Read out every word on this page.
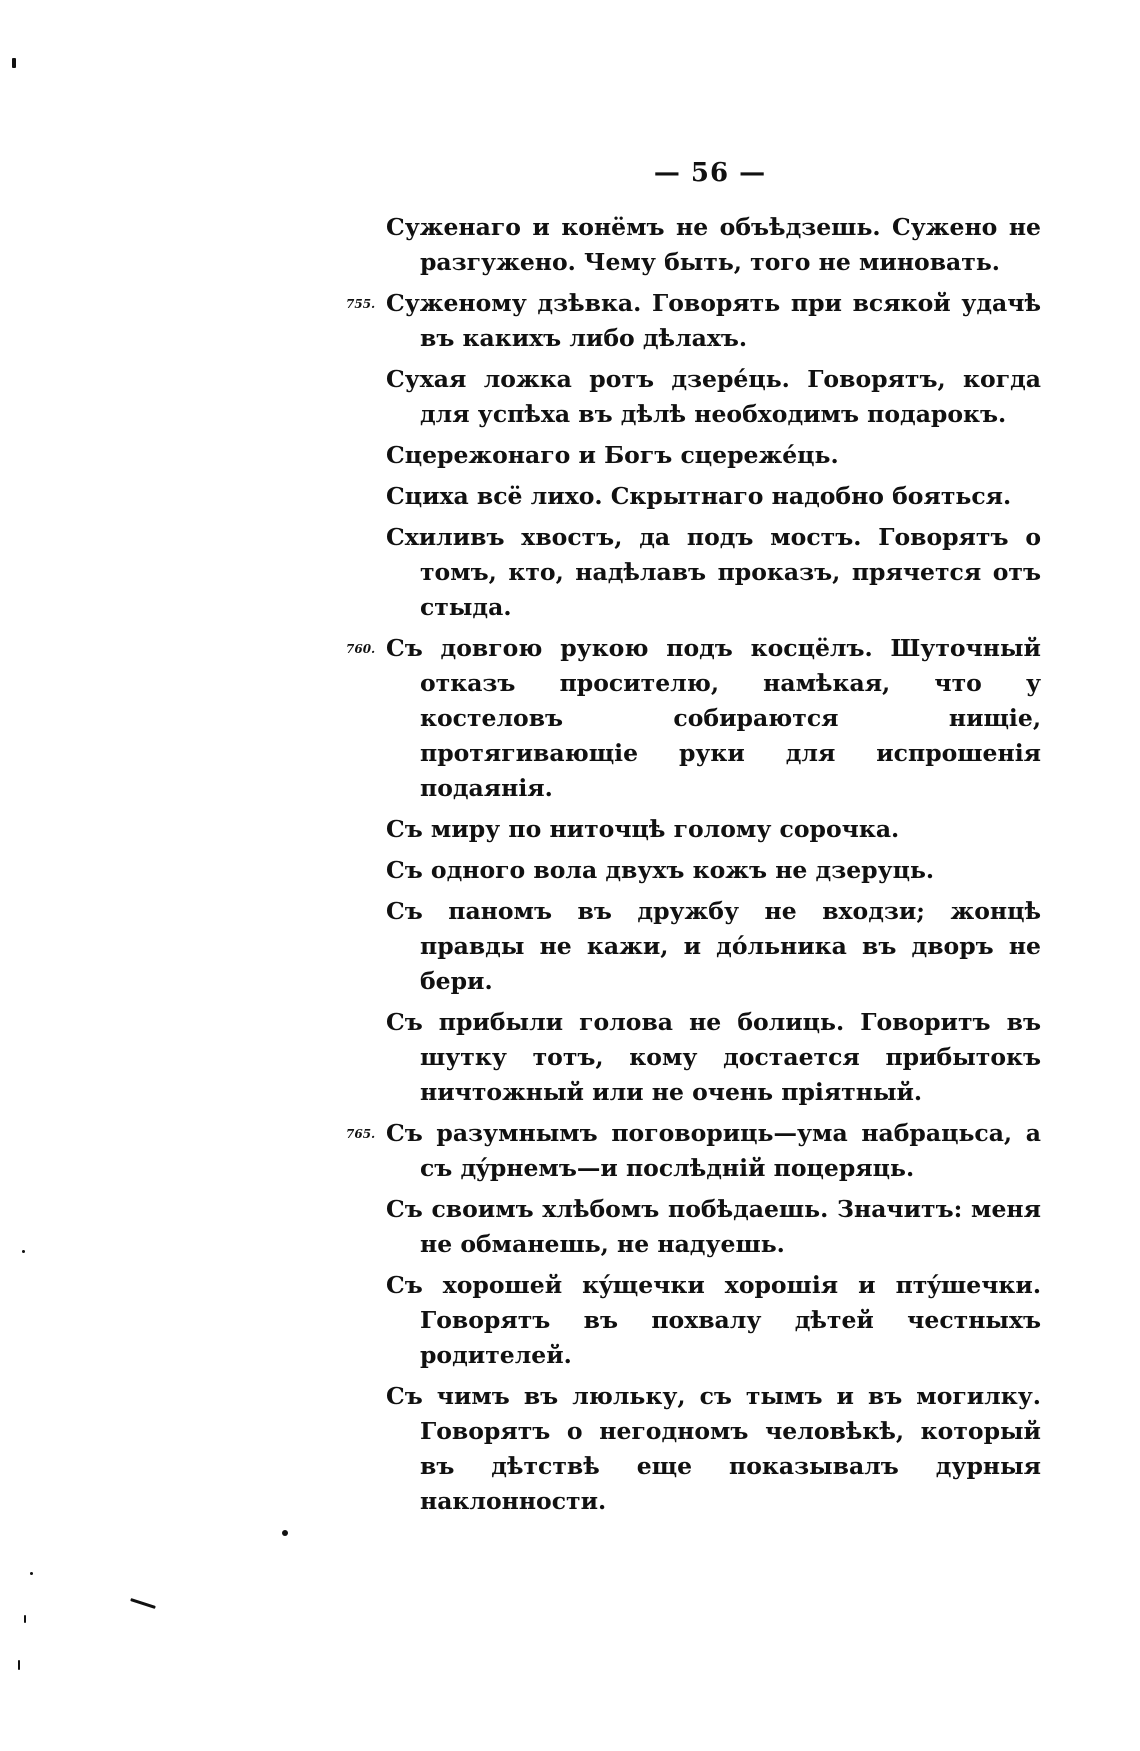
— 56 —

Суженаго и конёмъ не объѣдзешь. Сужено не разгужено. Чему быть, того не миновать.

755. Суженому дзѣвка. Говорять при всякой удачѣ въ какихъ либо дѣлахъ.

Сухая ложка ротъ дзерéць. Говорятъ, когда для успѣха въ дѣлѣ необходимъ подарокъ.

Сцережонаго и Богъ сцережéць.

Сциха всё лихо. Скрытнаго надобно бояться.

Схиливъ хвостъ, да подъ мостъ. Говорятъ о томъ, кто, надѣлавъ проказъ, прячется отъ стыда.

760. Съ довгою рукою подъ косцёлъ. Шуточный отказъ просителю, намѣкая, что у костеловъ собираются нищіе, протягивающіе руки для испрошенія подаянія.

Съ миру по ниточцѣ голому сорочка.

Съ одного вола двухъ кожъ не дзеруць.

Съ паномъ въ дружбу не входзи; жонцѣ правды не кажи, и дóльника въ дворъ не бери.

Съ прибыли голова не болиць. Говоритъ въ шутку тотъ, кому достается прибытокъ ничтожный или не очень пріятный.

765. Съ разумнымъ поговориць—ума набрацьса, а съ дýрнемъ—и послѣдній поцеряць.

Съ своимъ хлѣбомъ побѣдаешь. Значитъ: меня не обманешь, не надуешь.

Съ хорошей кýщечки хорошія и птýшечки. Говорятъ въ похвалу дѣтей честныхъ родителей.

Съ чимъ въ люльку, съ тымъ и въ могилку. Говорятъ о негодномъ человѣкѣ, который въ дѣтствѣ еще показывалъ дурныя наклонности.
